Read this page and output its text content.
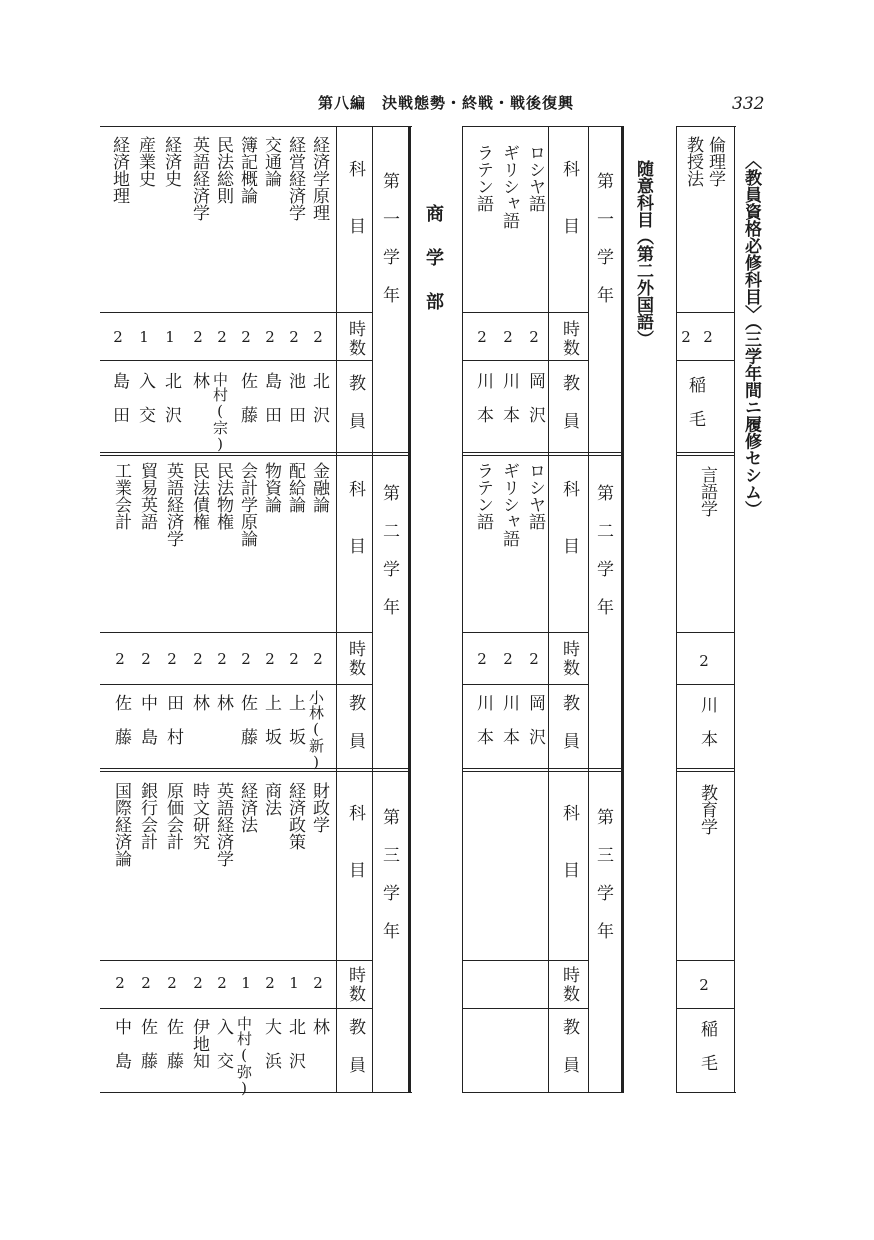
第八編　決戦態勢・終戦・戦後復興	332
〈教員資格必修科目〉（三学年間ニ履修セシム）
倫理学
教授法
2
2
稲　毛
言語学
2
川　本
教育学
2
稲　毛
随意科目（第二外国語）
第　一　学　年
第　二　学　年
第　三　学　年
科　　目
時数
教　員
科　　目
時数
教　員
科　　目
時数
教　員
ロシヤ語
ギリシャ語
ラテン語
2
2
2
岡　沢
川　本
川　本
ロシヤ語
ギリシャ語
ラテン語
2
2
2
岡　沢
川　本
川　本
商　学　部
第　一　学　年
第　二　学　年
第　三　学　年
科　　目
時数
教　員
科　　目
時数
教　員
科　　目
時数
教　員
経済学原理
経営経済学
交通論
簿記概論
民法総則
英語経済学
経済史
産業史
経済地理
2
2
2
2
2
2
1
1
2
北　沢
池　田
島　田
佐　藤
中村(宗)
林
北　沢
入　交
島　田
金融論
配給論
物資論
会計学原論
民法物権
民法債権
英語経済学
貿易英語
工業会計
2
2
2
2
2
2
2
2
2
小林(新)
上　坂
上　坂
佐　藤
林
林
田　村
中　島
佐　藤
財政学
経済政策
商法
経済法
英語経済学
時文研究
原価会計
銀行会計
国際経済論
2
1
2
1
2
2
2
2
2
林
北　沢
大　浜
中村(弥)
入　交
伊地知
佐　藤
佐　藤
中　島
